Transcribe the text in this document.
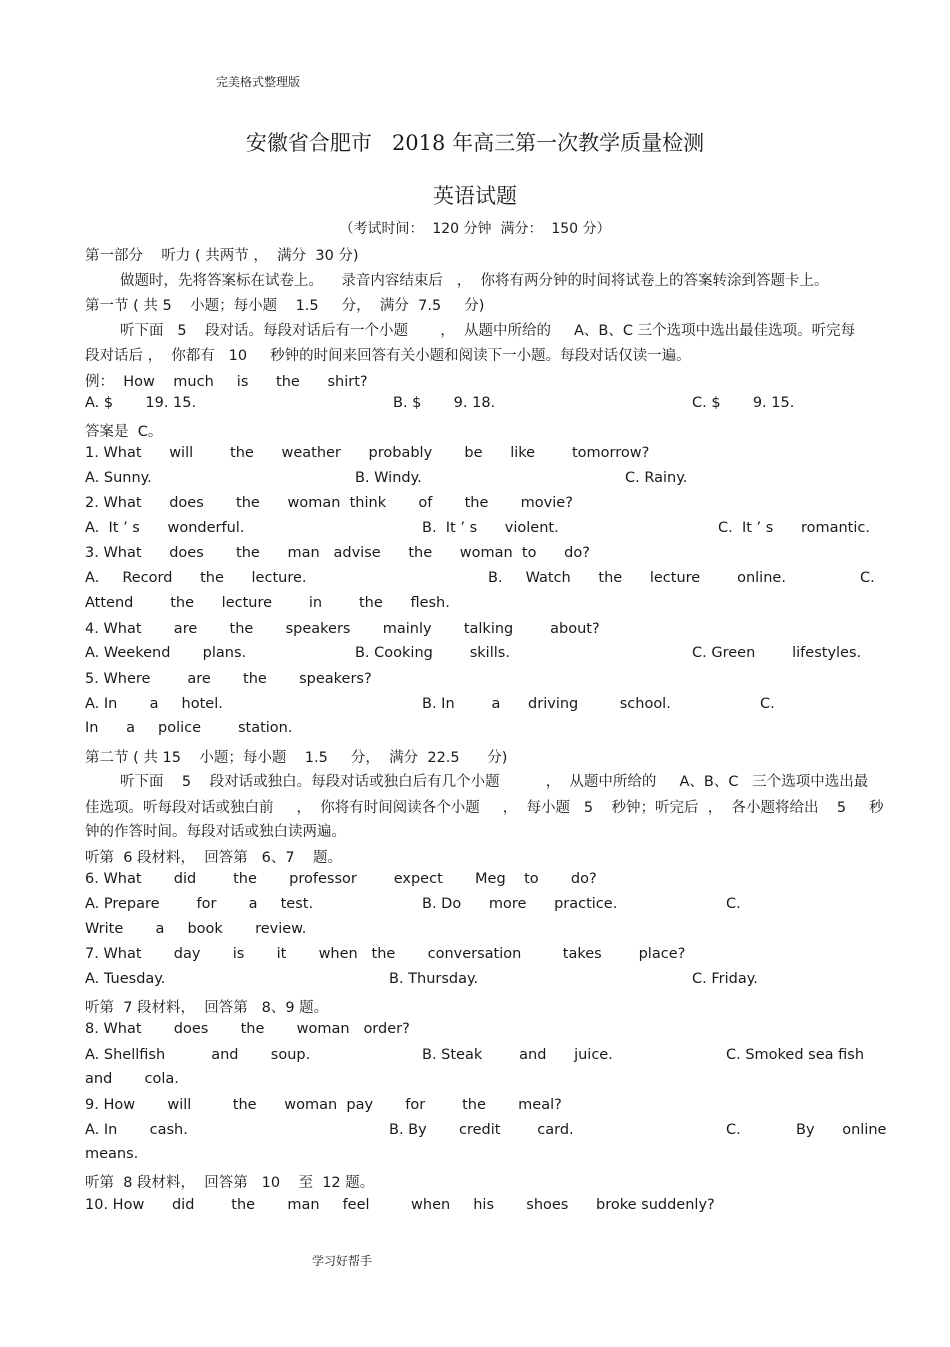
完美格式整理版
安徽省合肥市   2018 年高三第一次教学质量检测
英语试题
（考试时间：  120 分钟  满分：  150 分）
第一部分    听力 ( 共两节 ，  满分  30 分)
做题时，先将答案标在试卷上。    录音内容结束后   ，  你将有两分钟的时间将试卷上的答案转涂到答题卡上。
第一节 ( 共 5    小题；每小题    1.5     分，  满分  7.5     分)
听下面   5    段对话。每段对话后有一个小题       ，  从题中所给的     A、B、C 三个选项中选出最佳选项。听完每
段对话后 ，  你都有   10     秒钟的时间来回答有关小题和阅读下一小题。每段对话仅读一遍。
例：  How    much     is      the      shirt?
A. $       19. 15.	B. $       9. 18.	C. $       9. 15.
答案是  C。
1. What      will        the      weather      probably       be      like        tomorrow?
A. Sunny.	B. Windy.	C. Rainy.
2. What      does       the      woman  think       of       the       movie?
A.  It ’ s      wonderful.	B.  It ’ s      violent.	C.  It ’ s      romantic.
3. What      does       the      man   advise      the      woman  to      do?
A.     Record      the      lecture.	B.     Watch      the      lecture        online.	C.
Attend        the      lecture        in        the      flesh.
4. What       are       the       speakers       mainly       talking        about?
A. Weekend       plans.	B. Cooking        skills.	C. Green        lifestyles.
5. Where        are       the       speakers?
A. In       a     hotel.	B. In        a      driving         school.	C.
In      a     police        station.
第二节 ( 共 15    小题；每小题    1.5     分，  满分  22.5      分)
听下面    5    段对话或独白。每段对话或独白后有几个小题          ，  从题中所给的     A、B、C   三个选项中选出最
佳选项。听每段对话或独白前     ，  你将有时间阅读各个小题     ，  每小题   5    秒钟；听完后  ，  各小题将给出    5     秒
钟的作答时间。每段对话或独白读两遍。
听第  6 段材料，  回答第   6、7    题。
6. What       did        the       professor        expect       Meg    to       do?
A. Prepare        for       a     test.	B. Do      more      practice.	C.
Write       a     book       review.
7. What       day       is       it       when   the       conversation         takes        place?
A. Tuesday.	B. Thursday.	C. Friday.
听第  7 段材料，  回答第   8、9 题。
8. What       does       the       woman   order?
A. Shellfish          and       soup.	B. Steak        and      juice.	C. Smoked sea fish
and       cola.
9. How       will         the      woman  pay       for        the       meal?
A. In       cash.	B. By       credit        card.	C.            By      online
means.
听第  8 段材料，  回答第   10    至  12 题。
10. How      did        the       man     feel         when     his       shoes      broke suddenly?
学习好帮手
